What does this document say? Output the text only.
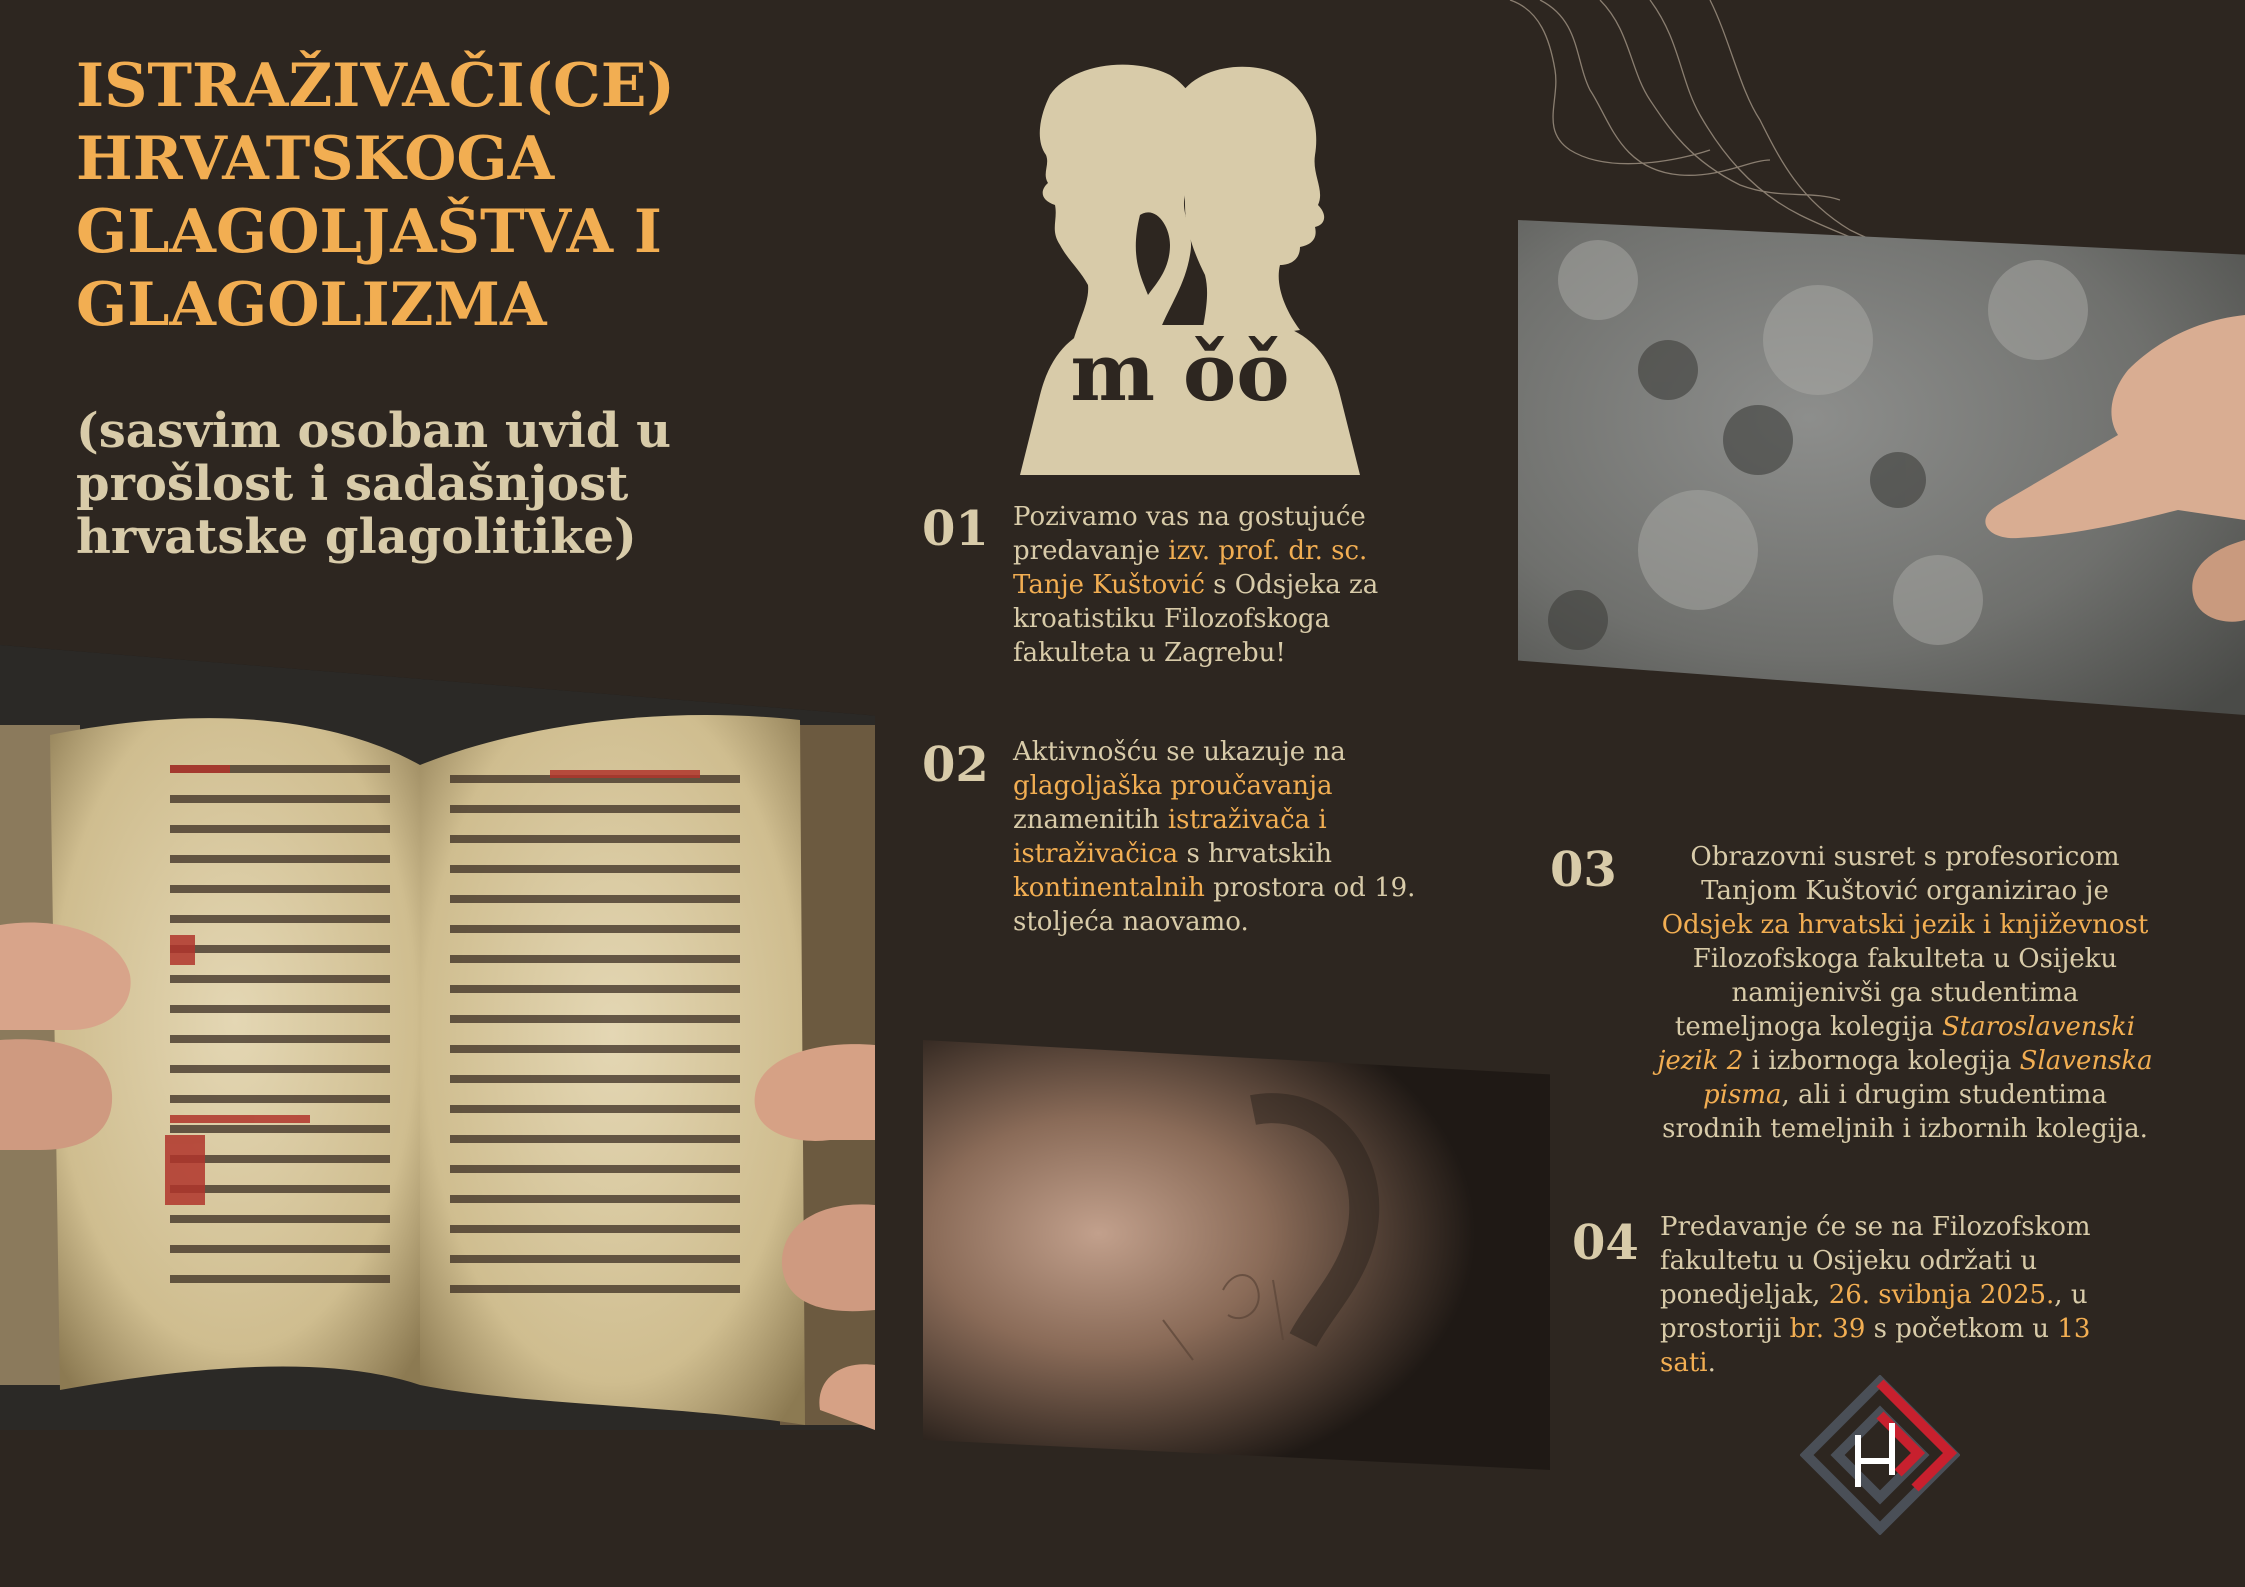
ISTRAŽIVAČI(CE)
HRVATSKOGA
GLAGOLJAŠTVA I
GLAGOLIZMA
(sasvim osoban uvid u
prošlost i sadašnjost
hrvatske glagolitike)
m ǒǒ
01 Pozivamo vas na gostujuće predavanje izv. prof. dr. sc. Tanje Kuštović s Odsjeka za kroatistiku Filozofskoga fakulteta u Zagrebu!
02 Aktivnošću se ukazuje na glagoljaška proučavanja znamenitih istraživača i istraživačica s hrvatskih kontinentalnih prostora od 19. stoljeća naovamo.
03	Obrazovni susret s profesoricom Tanjom Kuštović organizirao je Odsjek za hrvatski jezik i književnost Filozofskoga fakulteta u Osijeku namijenivši ga studentima temeljnoga kolegija Staroslavenski jezik 2 i izbornoga kolegija Slavenska pisma, ali i drugim studentima srodnih temeljnih i izbornih kolegija.
04 Predavanje će se na Filozofskom fakultetu u Osijeku održati u ponedjeljak, 26. svibnja 2025., u prostoriji br. 39 s početkom u 13 sati.
